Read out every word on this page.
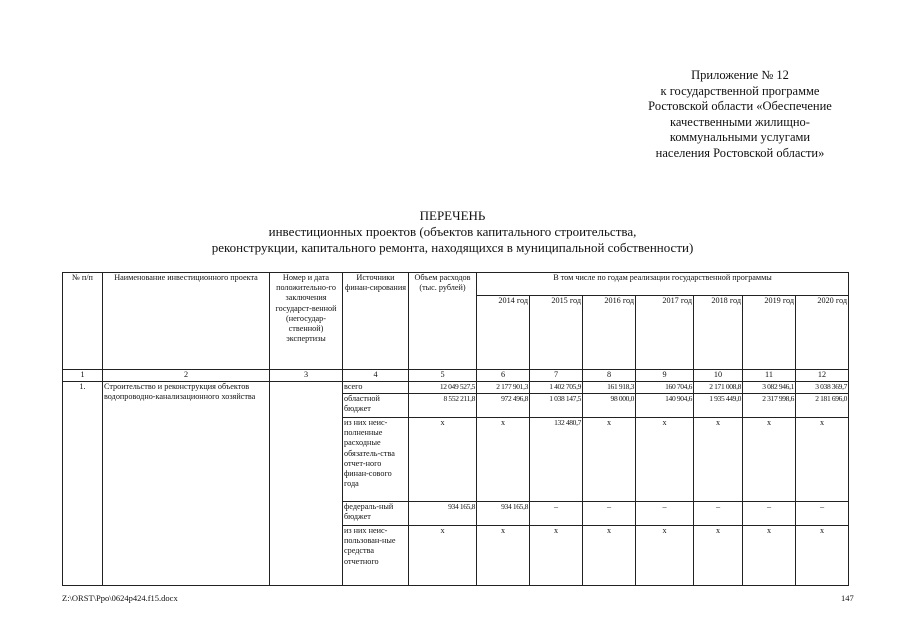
Приложение № 12
к государственной программе
Ростовской области «Обеспечение
качественными жилищно-
коммунальными услугами
населения Ростовской области»
ПЕРЕЧЕНЬ
инвестиционных проектов (объектов капитального строительства,
реконструкции, капитального ремонта, находящихся в муниципальной собственности)
№ п/п	Наименование инвестиционного проекта	Номер и дата положительно-го заключения государст-венной (негосудар-ственной) экспертизы	Источники финан-сирования	Объем расходов (тыс. рублей)	В том числе по годам реализации государственной программы						
					2014 год	2015 год	2016 год	2017 год	2018 год	2019 год	2020 год
1	2	3	4	5	6	7	8	9	10	11	12
1.	Строительство и реконструкция объектов водопроводно-канализационного хозяйства		всего	12 049 527,5	2 177 901,3	1 402 705,9	161 918,3	160 704,6	2 171 008,8	3 082 946,1	3 038 369,7
			областной бюджет	8 552 211,8	972 496,8	1 038 147,5	98 000,0	140 904,6	1 935 449,0	2 317 998,6	2 181 696,0
			из них неис-полненные расходные обязатель-ства отчет-ного финан-сового года	х	х	132 480,7	х	х	х	х	х
			федераль-ный бюджет	934 165,8	934 165,8	–	–	–	–	–	–
			из них неис-пользован-ные средства отчетного	х	х	х	х	х	х	х	х
Z:\ORST\Ppo\0624p424.f15.docx	147
